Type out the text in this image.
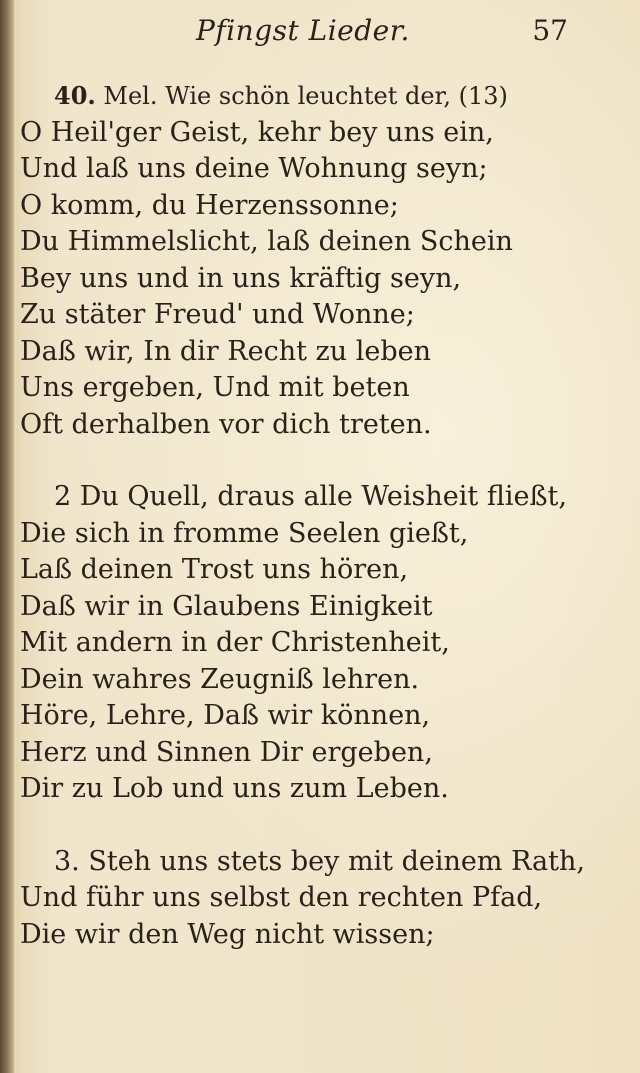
Pfingst Lieder.	57
40. Mel. Wie schön leuchtet der, (13)
O Heil'ger Geist, kehr bey uns ein,
Und laß uns deine Wohnung seyn;
O komm, du Herzenssonne;
Du Himmelslicht, laß deinen Schein
Bey uns und in uns kräftig seyn,
Zu stäter Freud' und Wonne;
Daß wir, In dir Recht zu leben
Uns ergeben, Und mit beten
Oft derhalben vor dich treten.
2 Du Quell, draus alle Weisheit fließt,
Die sich in fromme Seelen gießt,
Laß deinen Trost uns hören,
Daß wir in Glaubens Einigkeit
Mit andern in der Christenheit,
Dein wahres Zeugniß lehren.
Höre, Lehre, Daß wir können,
Herz und Sinnen Dir ergeben,
Dir zu Lob und uns zum Leben.
3. Steh uns stets bey mit deinem Rath,
Und führ uns selbst den rechten Pfad,
Die wir den Weg nicht wissen;
